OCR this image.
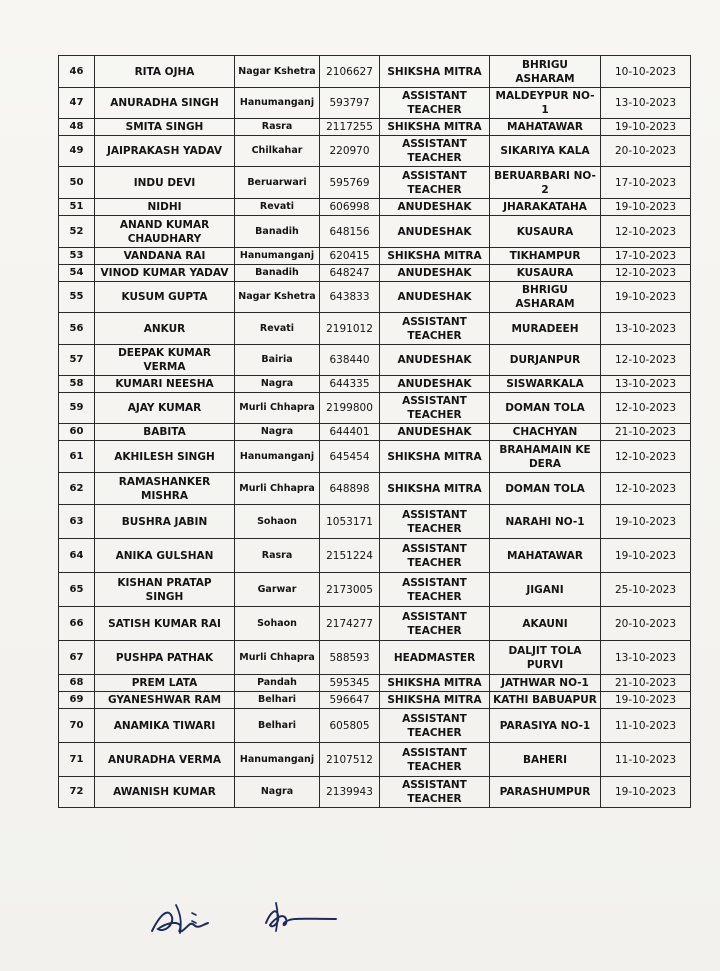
46	RITA OJHA	Nagar Kshetra	2106627	SHIKSHA MITRA	BHRIGU ASHARAM	10-10-2023
47	ANURADHA SINGH	Hanumanganj	593797	ASSISTANT TEACHER	MALDEYPUR NO-1	13-10-2023
48	SMITA SINGH	Rasra	2117255	SHIKSHA MITRA	MAHATAWAR	19-10-2023
49	JAIPRAKASH YADAV	Chilkahar	220970	ASSISTANT TEACHER	SIKARIYA KALA	20-10-2023
50	INDU DEVI	Beruarwari	595769	ASSISTANT TEACHER	BERUARBARI NO-2	17-10-2023
51	NIDHI	Revati	606998	ANUDESHAK	JHARAKATAHA	19-10-2023
52	ANAND KUMAR CHAUDHARY	Banadih	648156	ANUDESHAK	KUSAURA	12-10-2023
53	VANDANA RAI	Hanumanganj	620415	SHIKSHA MITRA	TIKHAMPUR	17-10-2023
54	VINOD KUMAR YADAV	Banadih	648247	ANUDESHAK	KUSAURA	12-10-2023
55	KUSUM GUPTA	Nagar Kshetra	643833	ANUDESHAK	BHRIGU ASHARAM	19-10-2023
56	ANKUR	Revati	2191012	ASSISTANT TEACHER	MURADEEH	13-10-2023
57	DEEPAK KUMAR VERMA	Bairia	638440	ANUDESHAK	DURJANPUR	12-10-2023
58	KUMARI NEESHA	Nagra	644335	ANUDESHAK	SISWARKALA	13-10-2023
59	AJAY KUMAR	Murli Chhapra	2199800	ASSISTANT TEACHER	DOMAN TOLA	12-10-2023
60	BABITA	Nagra	644401	ANUDESHAK	CHACHYAN	21-10-2023
61	AKHILESH SINGH	Hanumanganj	645454	SHIKSHA MITRA	BRAHAMAIN KE DERA	12-10-2023
62	RAMASHANKER MISHRA	Murli Chhapra	648898	SHIKSHA MITRA	DOMAN TOLA	12-10-2023
63	BUSHRA JABIN	Sohaon	1053171	ASSISTANT TEACHER	NARAHI NO-1	19-10-2023
64	ANIKA GULSHAN	Rasra	2151224	ASSISTANT TEACHER	MAHATAWAR	19-10-2023
65	KISHAN PRATAP SINGH	Garwar	2173005	ASSISTANT TEACHER	JIGANI	25-10-2023
66	SATISH KUMAR RAI	Sohaon	2174277	ASSISTANT TEACHER	AKAUNI	20-10-2023
67	PUSHPA PATHAK	Murli Chhapra	588593	HEADMASTER	DALJIT TOLA PURVI	13-10-2023
68	PREM LATA	Pandah	595345	SHIKSHA MITRA	JATHWAR NO-1	21-10-2023
69	GYANESHWAR RAM	Belhari	596647	SHIKSHA MITRA	KATHI BABUAPUR	19-10-2023
70	ANAMIKA TIWARI	Belhari	605805	ASSISTANT TEACHER	PARASIYA NO-1	11-10-2023
71	ANURADHA VERMA	Hanumanganj	2107512	ASSISTANT TEACHER	BAHERI	11-10-2023
72	AWANISH KUMAR	Nagra	2139943	ASSISTANT TEACHER	PARASHUMPUR	19-10-2023
